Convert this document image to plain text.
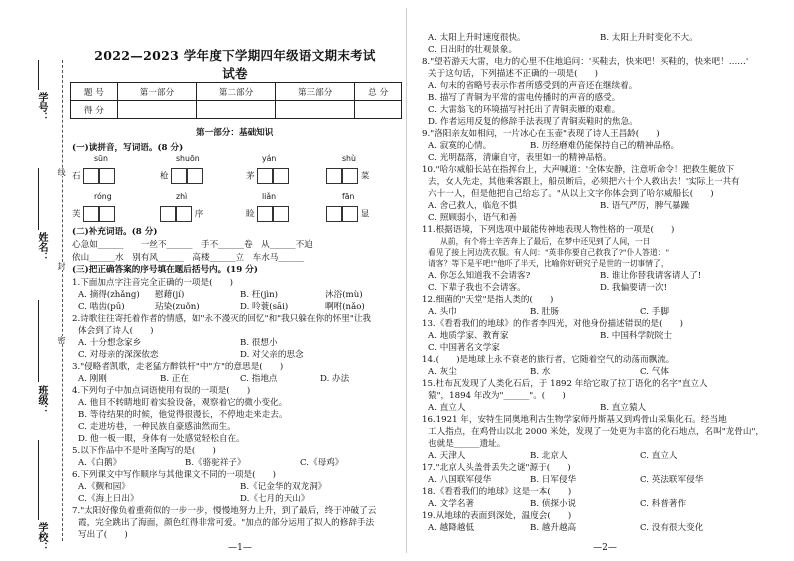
学号：
姓名：
班级：
学校：
线
封
密
2022—2023 学年度下学期四年级语文期末考试试卷
题 号	第一部分	第二部分	第三部分	总 分
得 分				
第一部分：基础知识
(一)读拼音，写词语。(8 分)
sūn	shuōn	yán	shù
石	枪	茅	菜
róng	zhì	liǎn	fān
芙	序	睑	显
(二)补充词语。(8 分)
心急如______　　一丝不______　手不______卷　 从______不迫
依山______水　 别有风______　高楼______立　 车水马______
(三)把正确答案的序号填在题后括号内。(19 分)
1.下面加点字注音完全正确的一项是(　　)
A. 摘得(zhǎng) 慰藉(jí)	B. 枉(jìn)	沐浴(mù)
C. 啮齿(pū)	玷染(zuǒn)	D. 呤蓑(sāi)	啊咐(nǎo)
2.诗歌往往寄托着作者的情感，如"永不漫灭的回忆"和"我只躲在你的怀里"让我
体会到了诗人(　　)
A. 十分想念家乡	B. 很想小
C. 对母亲的深深依恋	D. 对父亲的思念
3."侵略者凯歌，走老猛方醉铁杆"中"方"的意思是(　　)
A. 刚刚	B. 正在	C. 指地点	D. 办法
4.下列句子中加点词语使用有误的一项是(　　)
A. 他目不转睛地盯着实验设备，观察着它的微小变化。
B. 等待结果的时候，他觉得很漫长，不停地走来走去。
C. 走进坊巷，一种民族自豪感油然而生。
D. 他一板一眼，身体有一处感觉轻松自在。
5.以下作品中不是叶圣陶写的是(　　)
A.《白鹅》	B.《骆驼祥子》	C.《母鸡》
6.下列课文中写作顺序与其他课文不同的一项是(　　)
A.《觐和园》	B.《记金华的双龙洞》
C.《海上日出》	D.《七月的天山》
7."太阳好像负着重荷似的一步一步，慢慢地努力上升，到了最后，终于冲破了云
霞，完全跳出了海面，颜色红得非常可爱。"加点的部分运用了拟人的修辞手法
写出了(　　)
—1—
A. 太阳上升时速度很快。	B. 太阳上升时变化不大。
C. 日出时的壮观景象。
8."望若游天大雷，电力的心里不住地追问：'买鞋去，快来吧！买鞋的，快来吧！……'
关于这句话，下列描述不正确的一项是(　　)
A. 句末的省略号表示作者所感受到的声音还在继续着。
B. 描写了青铜为平常的雷电传播时的声音的感受。
C. 大雷翁飞的环境描写衬托出了青铜卖雁的艰难。
D. 作者运用反复的修辞手法表现了青铜卖鞋时的焦急。
9."洛阳亲友如相问，一片冰心在玉壶"表现了诗人王昌龄(　　)
A. 寂寞的心情。	B. 历经磨难仍能保持自己的精神品格。
C. 光明磊落，清廉自守，表里如一的精神品格。
10."哈尔威船长站在指挥台上，大声喊道：'全体安静，注意听命令！把救生艇放下
去，女人先走，其他乘客跟上，船员断后，必须把六十个人救出去！'实际上一共有
六十一人，但是他把自己给忘了。"从以上文字你体会到了哈尔威船长(　　)
A. 舍己救人，临危不惧	B. 语气严厉，脾气暴躁
C. 照顾弱小，语气和善
11.根据语境，下列选项中最能传神地表现人物性格的一项是(　　)
从前，有个将士辛苦奔上了最后，在梦中还见到了人间，一日
看见了接上河边洗衣服。有人问："英非你要自己救我了?"仆人答道："
请客？等下是平吧!"他吓了半天，比喻你好研究子是世的一切事情了，
A. 你怎么知道我不会请客?	B. 谁让你替我请客请人了!
C. 下辈子我也不会请客。	D. 我偏要请一次!
12.细菌的"天堂"是指人类的(　　)
A. 头巾	B. 肚肠	C. 手脚
13.《看看我们的地球》的作者李四光，对他身份描述错误的是(　　)
A. 地质学家、教育家	B. 中国科学院院士
C. 中国著名文学家
14.(　　)是地球上永不衰老的旅行者，它随着空气的动荡而飘流。
A. 灰尘	B. 水	C. 气体
15.杜布瓦发现了人类化石后，于 1892 年给它取了拉丁语化的名字"直立人
猿"，1894 年改为"______"。(　　)
A. 直立人	B. 直立猿人
16.1921 年，安特生同奥地利古生物学家师丹斯基又到鸡骨山采集化石。经当地
工人指点，在鸡骨山以北 2000 米处，发现了一处更为丰富的化石地点，名叫"龙骨山"，
也就是______遗址。
A. 天津人	B. 北京人	C. 直立人
17."北京人头盖骨丢失之谜"源于(　　)
A. 八国联军侵华	B. 日军侵华	C. 英法联军侵华
18.《看看我们的地球》这是一本(　　)
A. 文学名著	B. 侦探小说	C. 科普著作
19.从地球的表面到深处，温度会(　　)
A. 越降越低	B. 越升越高	C. 没有很大变化
—2—
